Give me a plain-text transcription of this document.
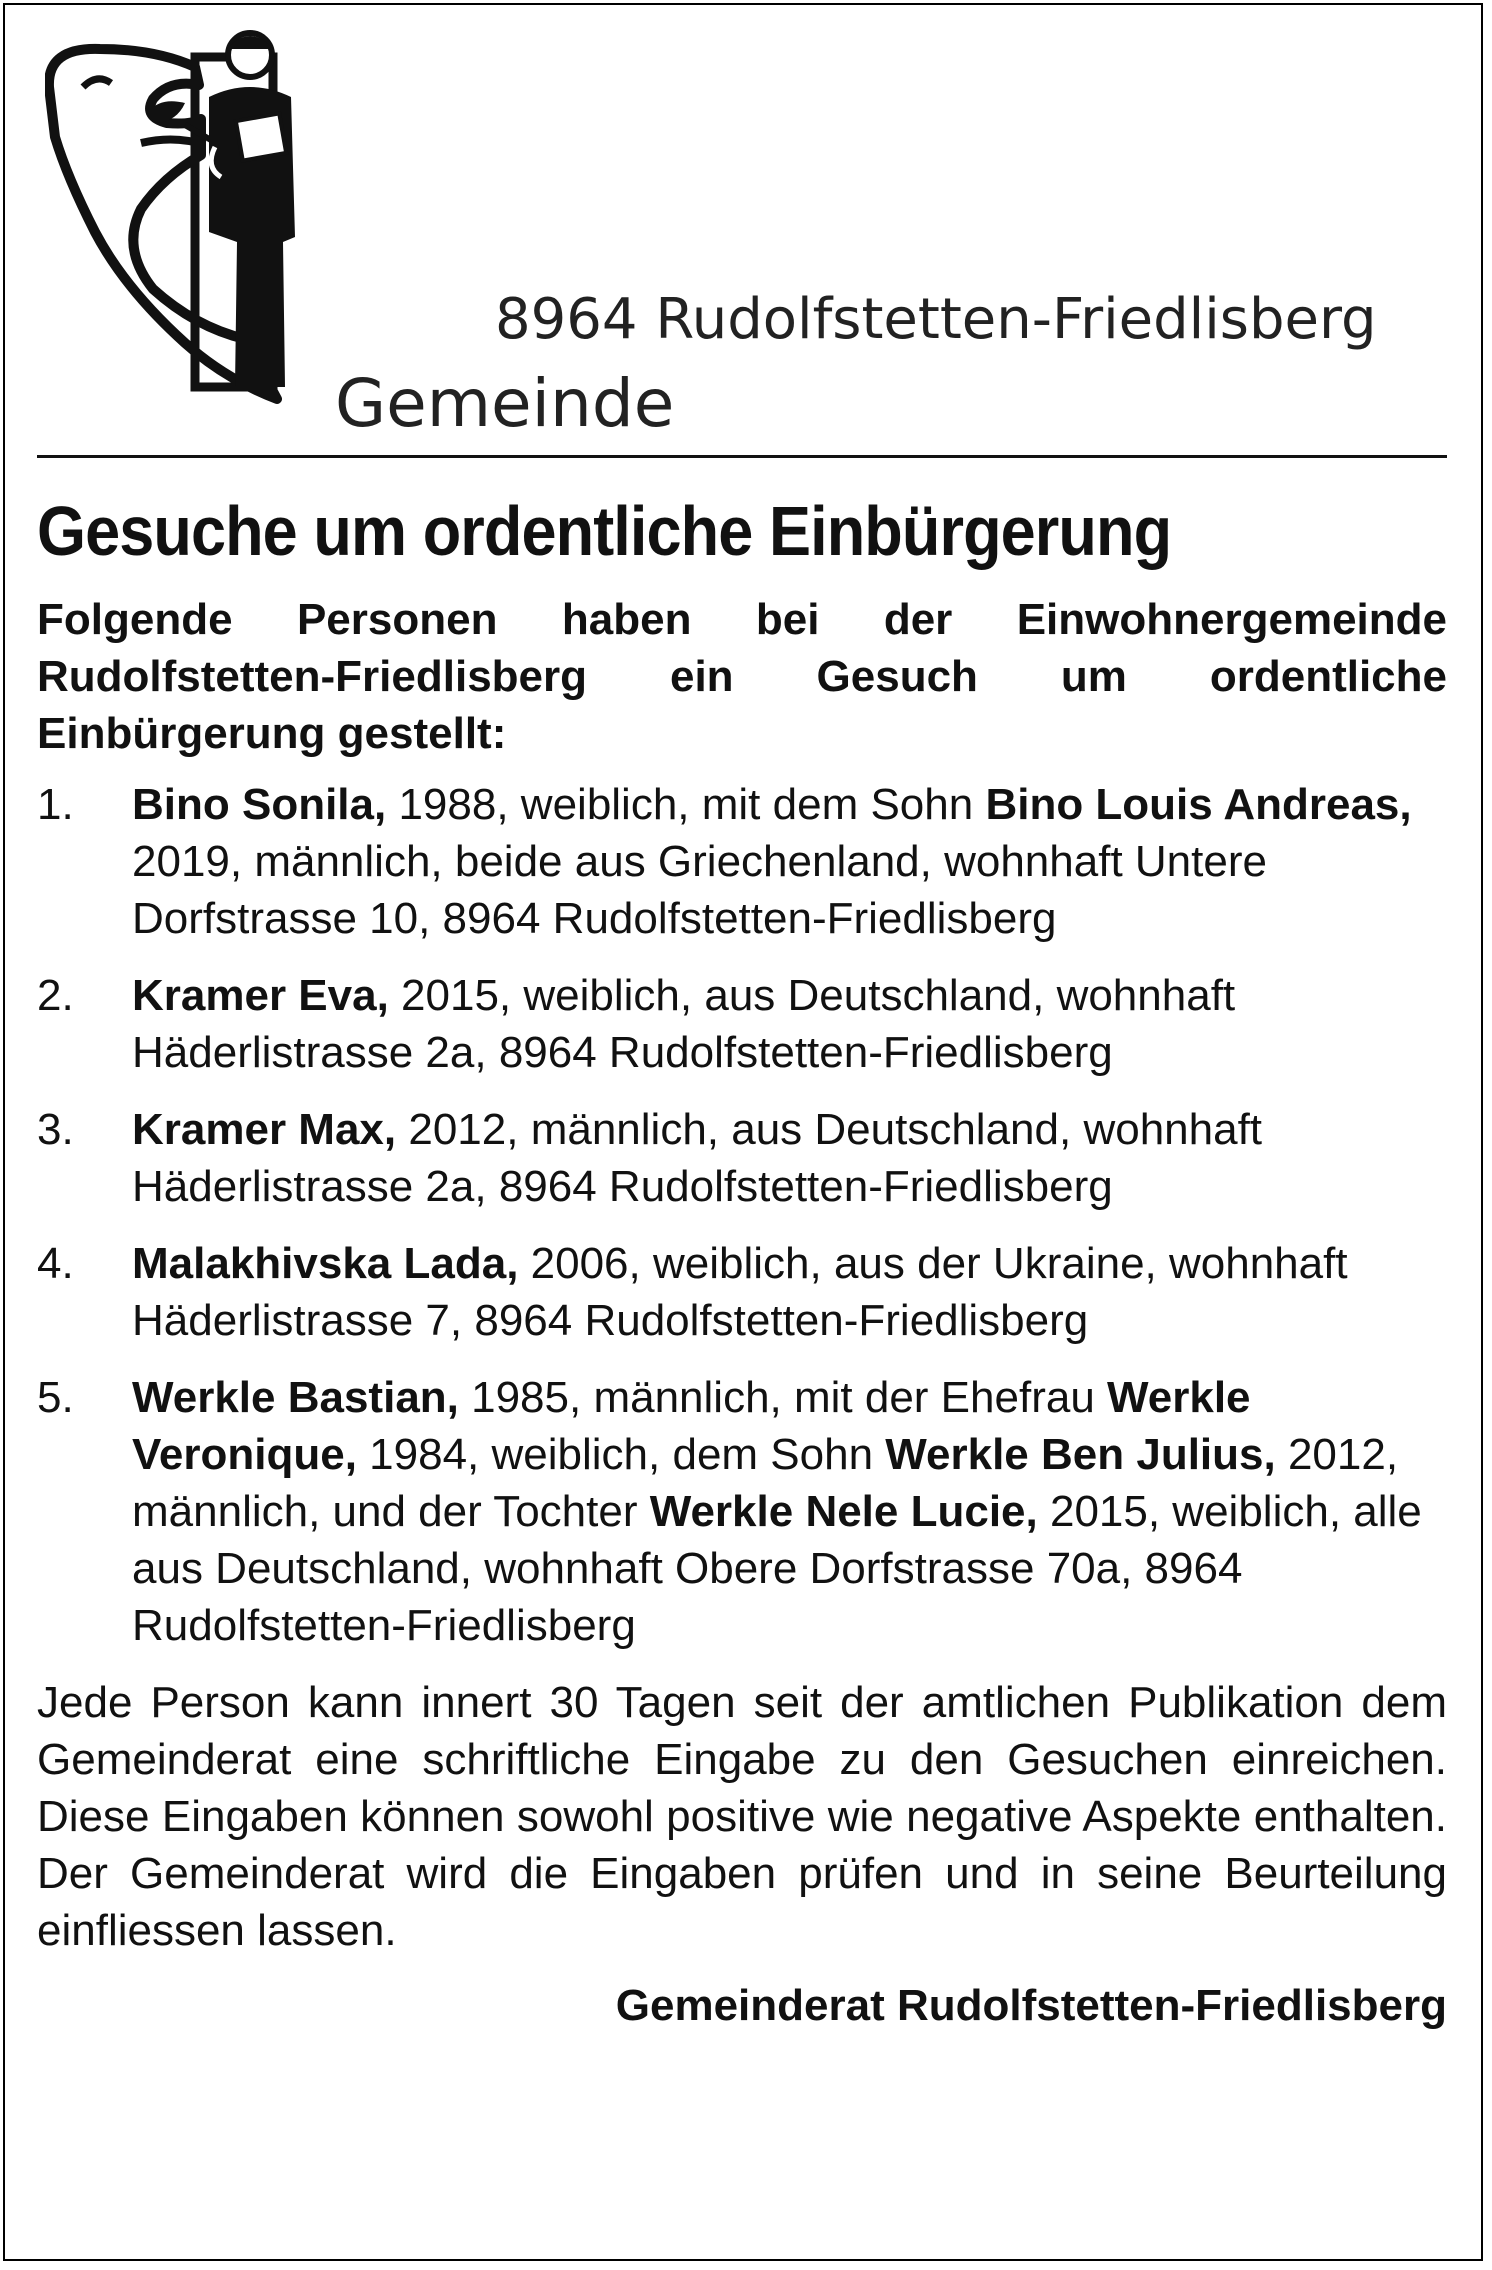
8964 Rudolfstetten-Friedlisberg
Gemeinde
Gesuche um ordentliche Einbürgerung

Folgende Personen haben bei der Einwohnergemeinde Rudolfstetten-Friedlisberg ein Gesuch um ordentliche Einbürgerung gestellt:

1. Bino Sonila, 1988, weiblich, mit dem Sohn Bino Louis Andreas, 2019, männlich, beide aus Griechenland, wohnhaft Untere Dorfstrasse 10, 8964 Rudolfstetten-Friedlisberg
2. Kramer Eva, 2015, weiblich, aus Deutschland, wohnhaft Häderlistrasse 2a, 8964 Rudolfstetten-Friedlisberg
3. Kramer Max, 2012, männlich, aus Deutschland, wohnhaft Häderlistrasse 2a, 8964 Rudolfstetten-Friedlisberg
4. Malakhivska Lada, 2006, weiblich, aus der Ukraine, wohnhaft Häderlistrasse 7, 8964 Rudolfstetten-Friedlisberg
5. Werkle Bastian, 1985, männlich, mit der Ehefrau Werkle Veronique, 1984, weiblich, dem Sohn Werkle Ben Julius, 2012, männlich, und der Tochter Werkle Nele Lucie, 2015, weiblich, alle aus Deutschland, wohnhaft Obere Dorfstrasse 70a, 8964 Rudolfstetten-Friedlisberg

Jede Person kann innert 30 Tagen seit der amtlichen Publikation dem Gemeinderat eine schriftliche Eingabe zu den Gesuchen einreichen. Diese Eingaben können sowohl positive wie negative Aspekte enthalten. Der Gemeinderat wird die Eingaben prüfen und in seine Beurteilung einfliessen lassen.

Gemeinderat Rudolfstetten-Friedlisberg
